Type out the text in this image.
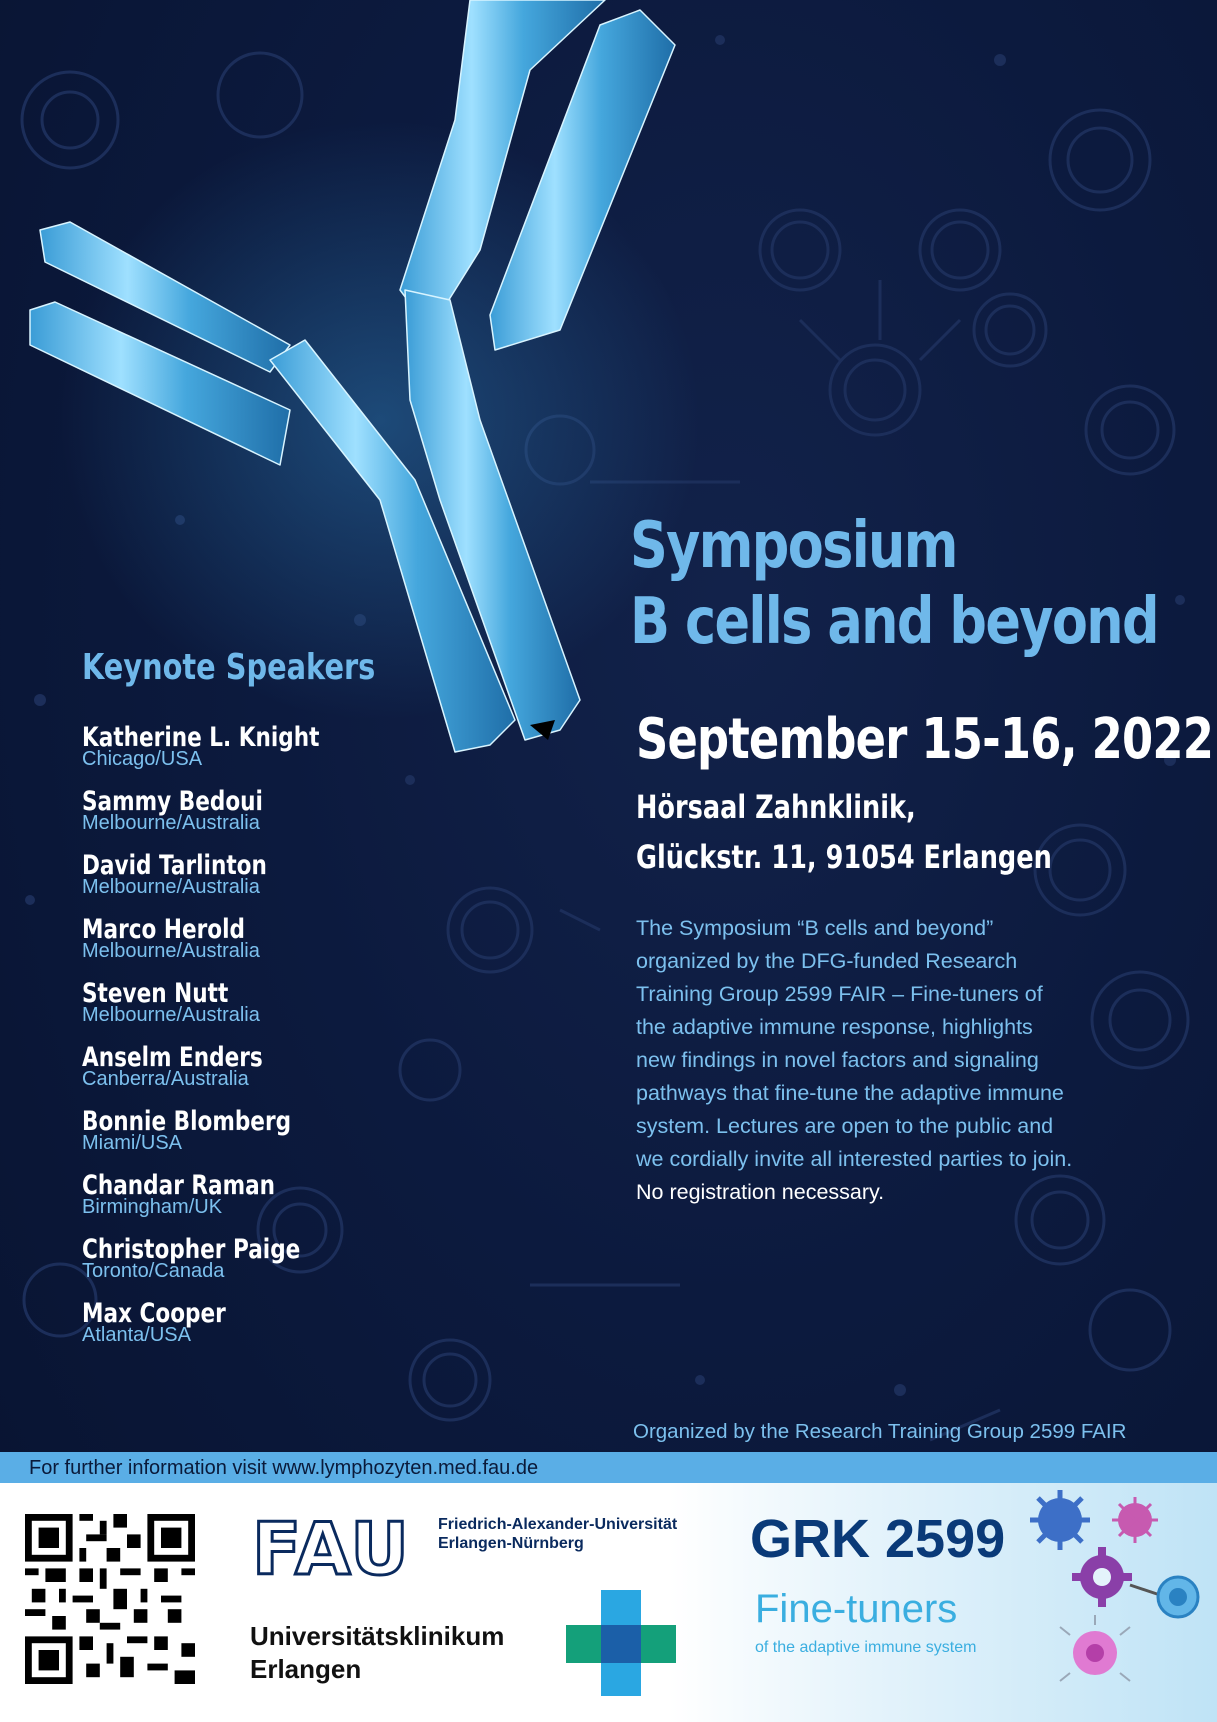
Symposium
B cells and beyond
September 15-16, 2022
Hörsaal Zahnklinik,
Glückstr. 11, 91054 Erlangen
The Symposium “B cells and beyond” organized by the DFG-funded Research Training Group 2599 FAIR – Fine-tuners of the adaptive immune response, highlights new findings in novel factors and signaling pathways that fine-tune the adaptive immune system. Lectures are open to the public and we cordially invite all interested parties to join.
No registration necessary.
Keynote Speakers
Katherine L. Knight
Chicago/USA
Sammy Bedoui
Melbourne/Australia
David Tarlinton
Melbourne/Australia
Marco Herold
Melbourne/Australia
Steven Nutt
Melbourne/Australia
Anselm Enders
Canberra/Australia
Bonnie Blomberg
Miami/USA
Chandar Raman
Birmingham/UK
Christopher Paige
Toronto/Canada
Max Cooper
Atlanta/USA
Organized by the Research Training Group 2599 FAIR
For further information visit www.lymphozyten.med.fau.de
FAU Friedrich-Alexander-Universität
Erlangen-Nürnberg
Universitätsklinikum
Erlangen
GRK 2599
Fine-tuners
of the adaptive immune system
